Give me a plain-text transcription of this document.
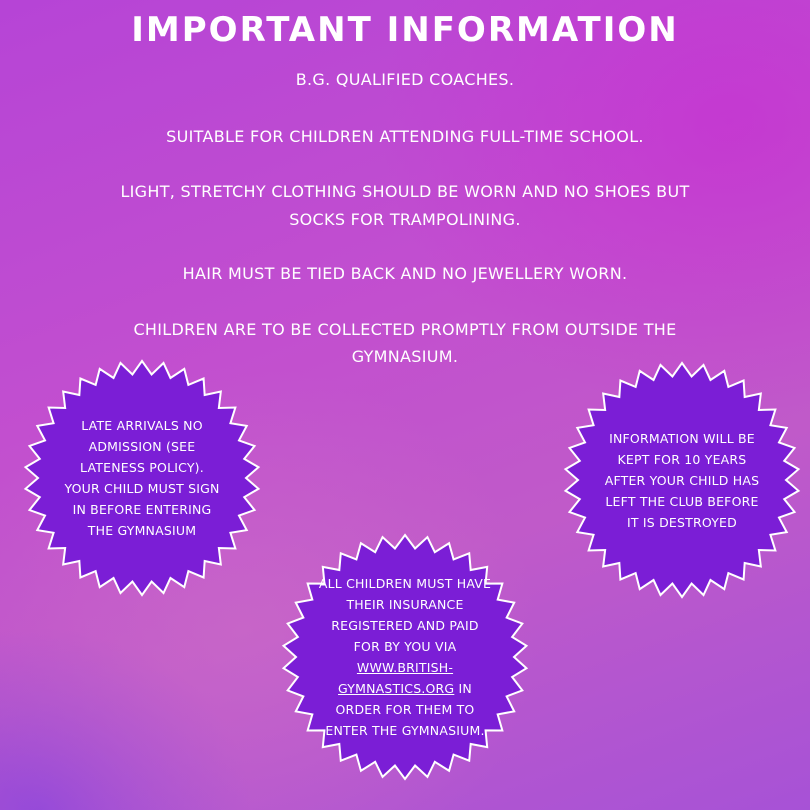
IMPORTANT INFORMATION
B.G. QUALIFIED COACHES.
SUITABLE FOR CHILDREN ATTENDING FULL-TIME SCHOOL.
LIGHT, STRETCHY CLOTHING SHOULD BE WORN AND NO SHOES BUT
SOCKS FOR TRAMPOLINING.
HAIR MUST BE TIED BACK AND NO JEWELLERY WORN.
CHILDREN ARE TO BE COLLECTED PROMPTLY FROM OUTSIDE THE
GYMNASIUM.
LATE ARRIVALS NO ADMISSION (SEE LATENESS POLICY). YOUR CHILD MUST SIGN IN BEFORE ENTERING THE GYMNASIUM
INFORMATION WILL BE KEPT FOR 10 YEARS AFTER YOUR CHILD HAS LEFT THE CLUB BEFORE IT IS DESTROYED
ALL CHILDREN MUST HAVE THEIR INSURANCE REGISTERED AND PAID FOR BY YOU VIA WWW.BRITISH-GYMNASTICS.ORG IN ORDER FOR THEM TO ENTER THE GYMNASIUM.
